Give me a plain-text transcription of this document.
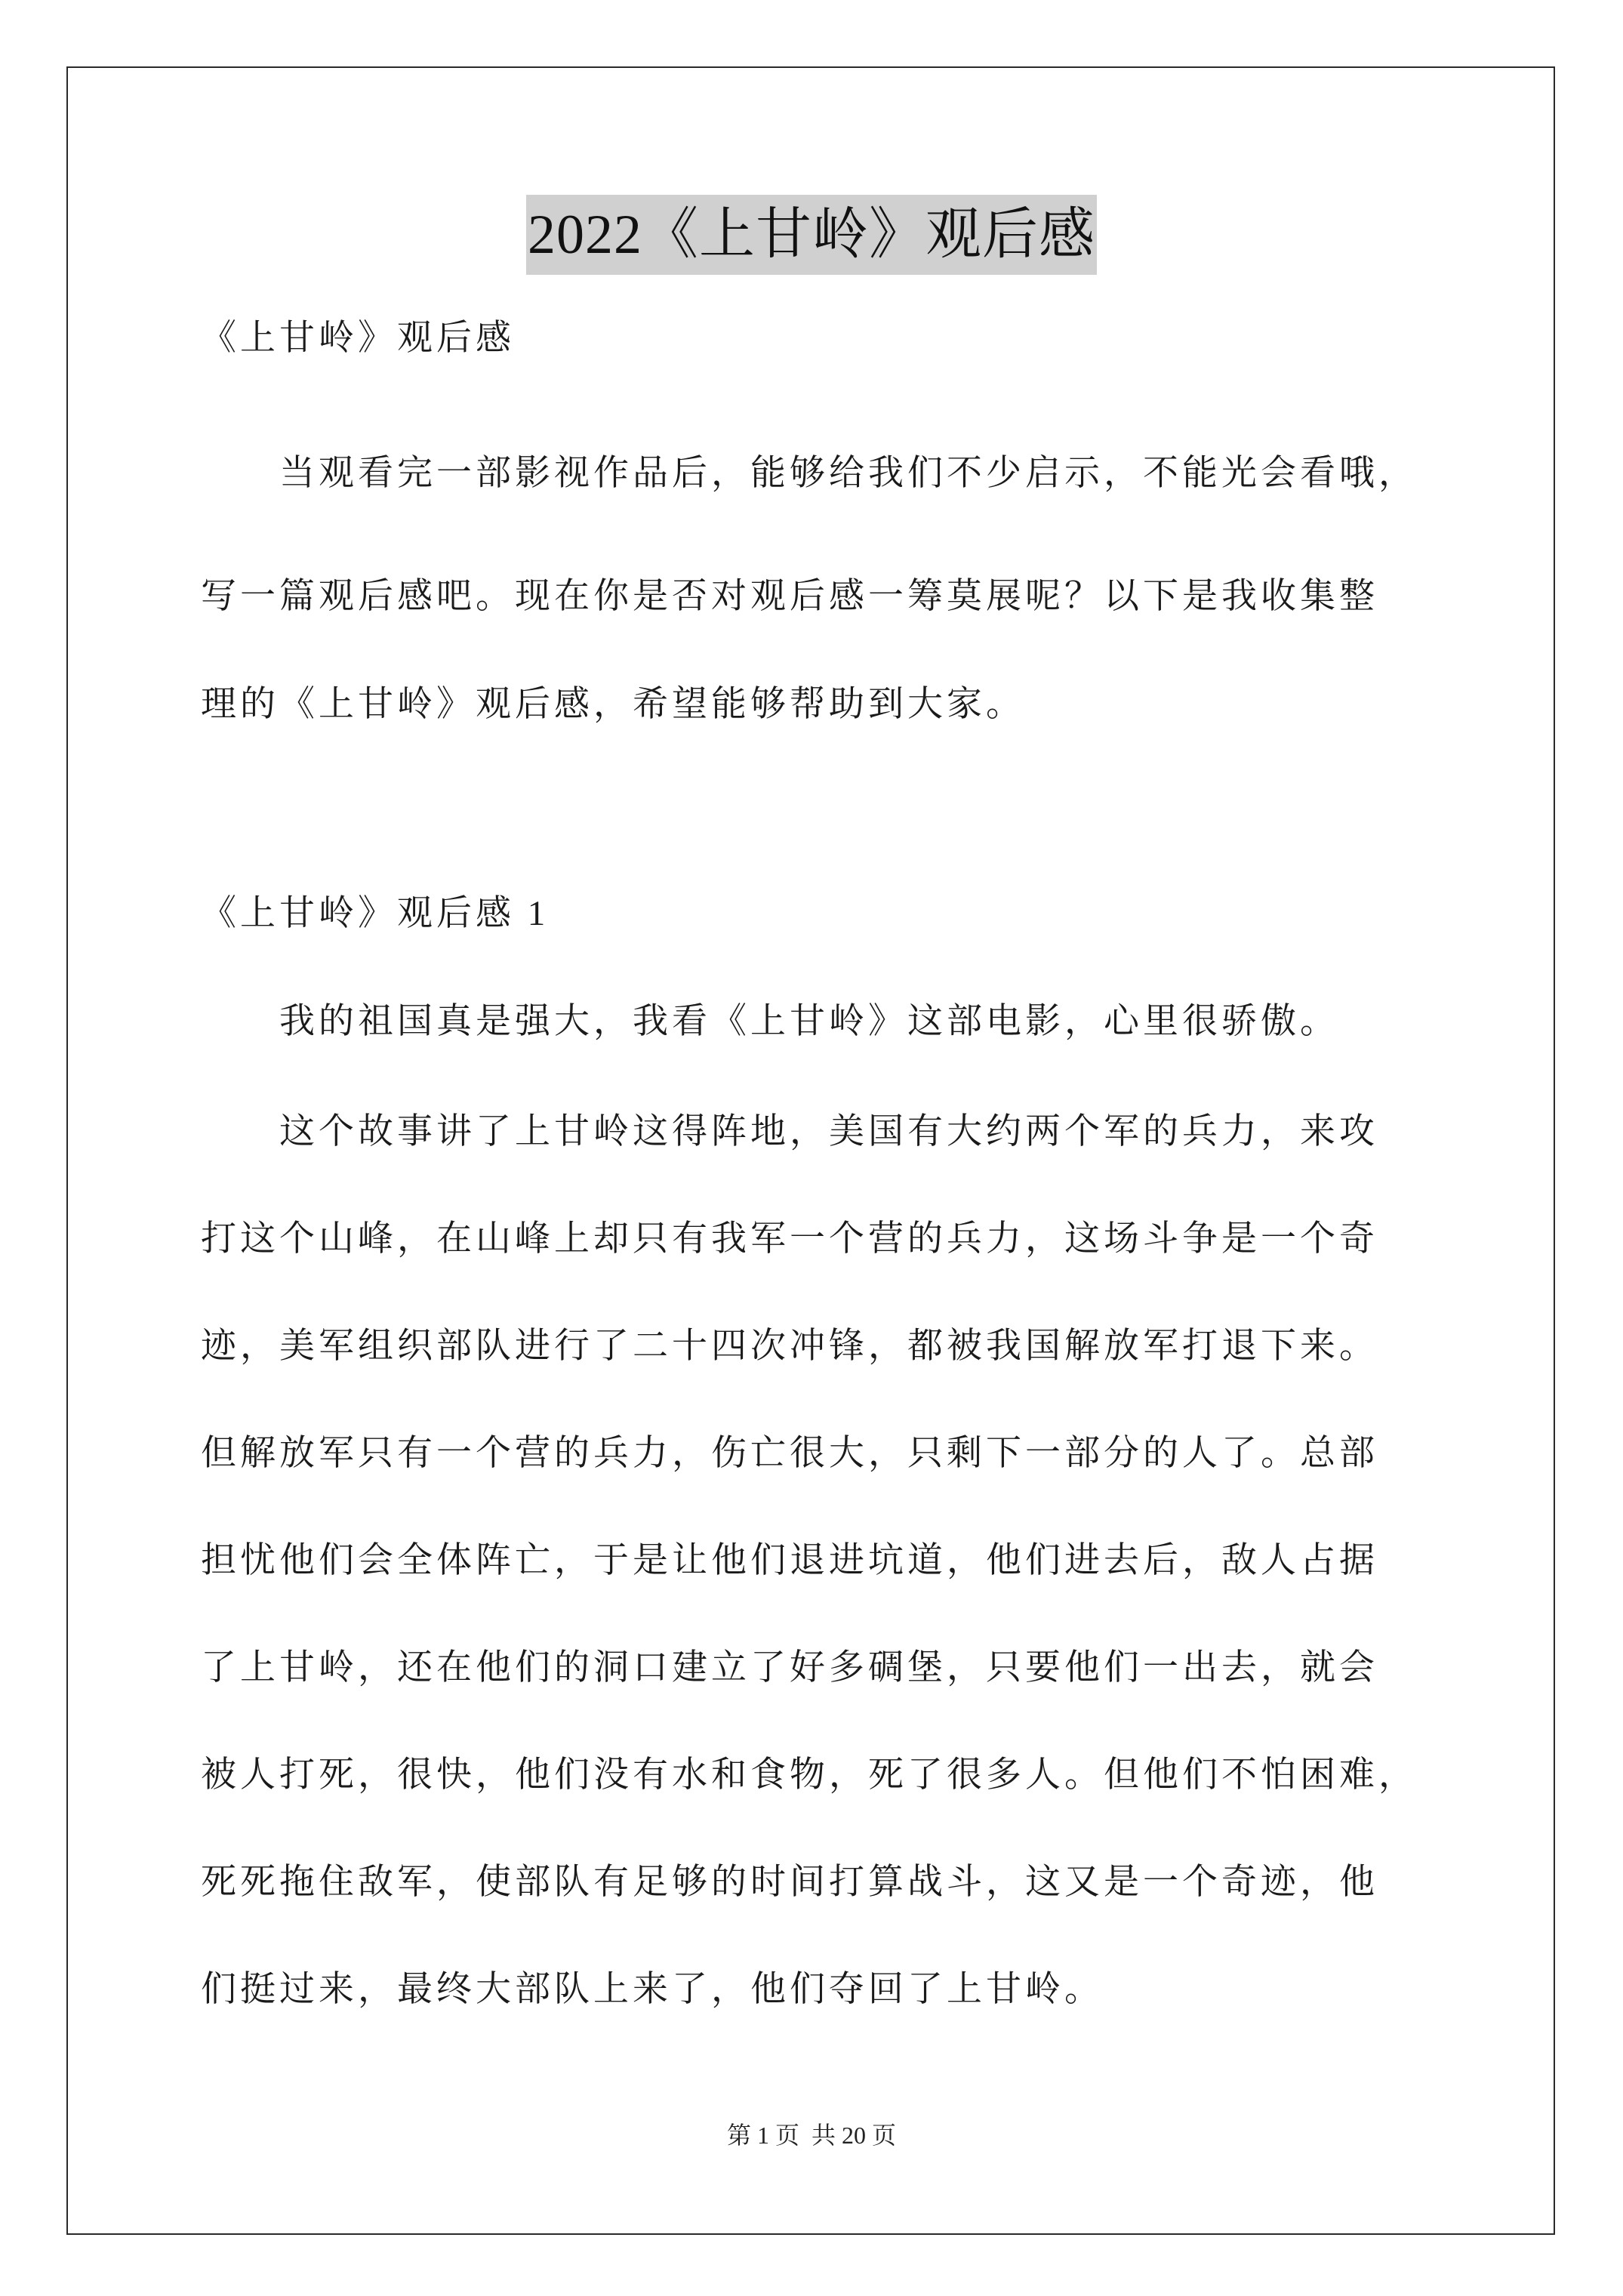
2022《上甘岭》观后感
《上甘岭》观后感
　　当观看完一部影视作品后，能够给我们不少启示，不能光会看哦，
写一篇观后感吧。现在你是否对观后感一筹莫展呢？以下是我收集整
理的《上甘岭》观后感，希望能够帮助到大家。
《上甘岭》观后感 1
　　我的祖国真是强大，我看《上甘岭》这部电影，心里很骄傲。
　　这个故事讲了上甘岭这得阵地，美国有大约两个军的兵力，来攻
打这个山峰，在山峰上却只有我军一个营的兵力，这场斗争是一个奇
迹，美军组织部队进行了二十四次冲锋，都被我国解放军打退下来。
但解放军只有一个营的兵力，伤亡很大，只剩下一部分的人了。总部
担忧他们会全体阵亡，于是让他们退进坑道，他们进去后，敌人占据
了上甘岭，还在他们的洞口建立了好多碉堡，只要他们一出去，就会
被人打死，很快，他们没有水和食物，死了很多人。但他们不怕困难，
死死拖住敌军，使部队有足够的时间打算战斗，这又是一个奇迹，他
们挺过来，最终大部队上来了，他们夺回了上甘岭。
第 1 页 共 20 页
